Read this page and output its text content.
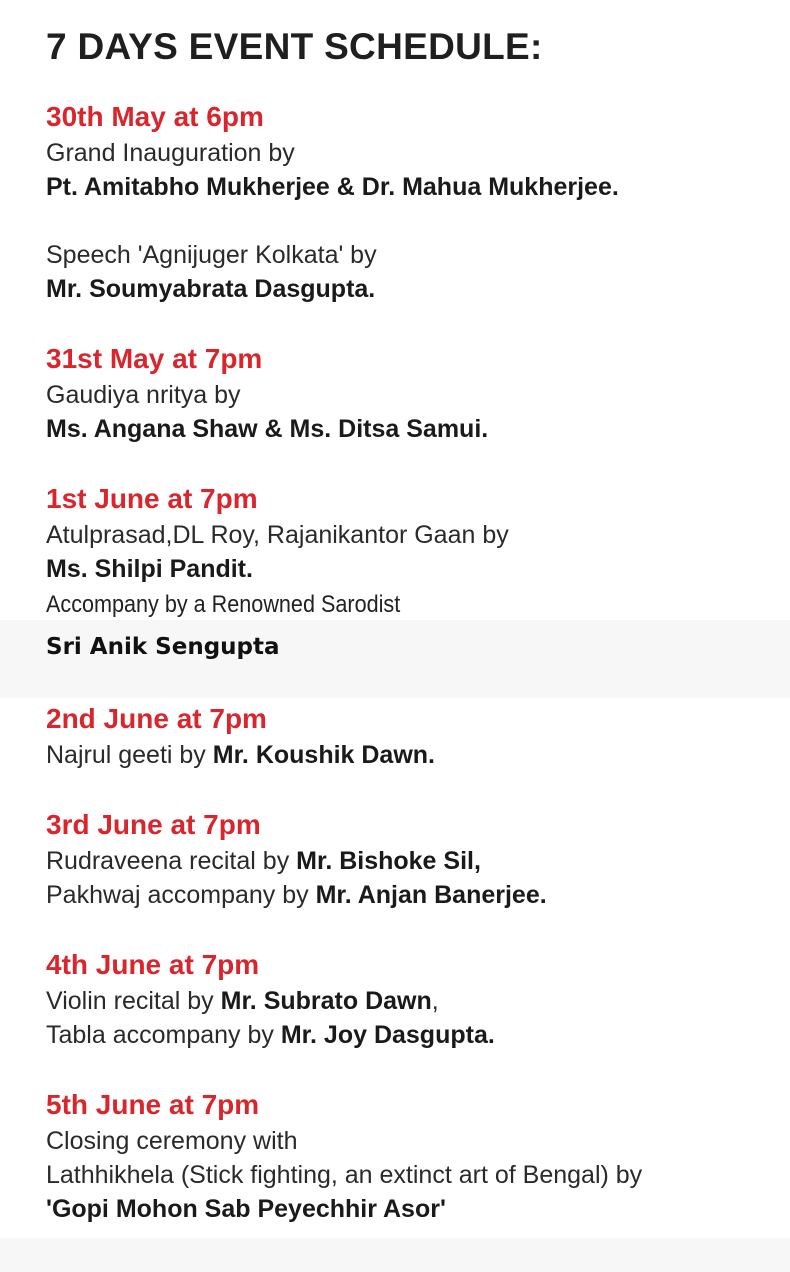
7 DAYS EVENT SCHEDULE:
30th May at 6pm
Grand Inauguration by
Pt. Amitabho Mukherjee & Dr. Mahua Mukherjee.
Speech 'Agnijuger Kolkata' by
Mr. Soumyabrata Dasgupta.
31st May at 7pm
Gaudiya nritya by
Ms. Angana Shaw & Ms. Ditsa Samui.
1st June at 7pm
Atulprasad,DL Roy, Rajanikantor Gaan by
Ms. Shilpi Pandit.
Accompany by a Renowned Sarodist
Sri Anik Sengupta
2nd June at 7pm
Najrul geeti by Mr. Koushik Dawn.
3rd June at 7pm
Rudraveena recital by Mr. Bishoke Sil,
Pakhwaj accompany by Mr. Anjan Banerjee.
4th June at 7pm
Violin recital by Mr. Subrato Dawn,
Tabla accompany by Mr. Joy Dasgupta.
5th June at 7pm
Closing ceremony with
Lathhikhela (Stick fighting, an extinct art of Bengal) by
'Gopi Mohon Sab Peyechhir Asor'
